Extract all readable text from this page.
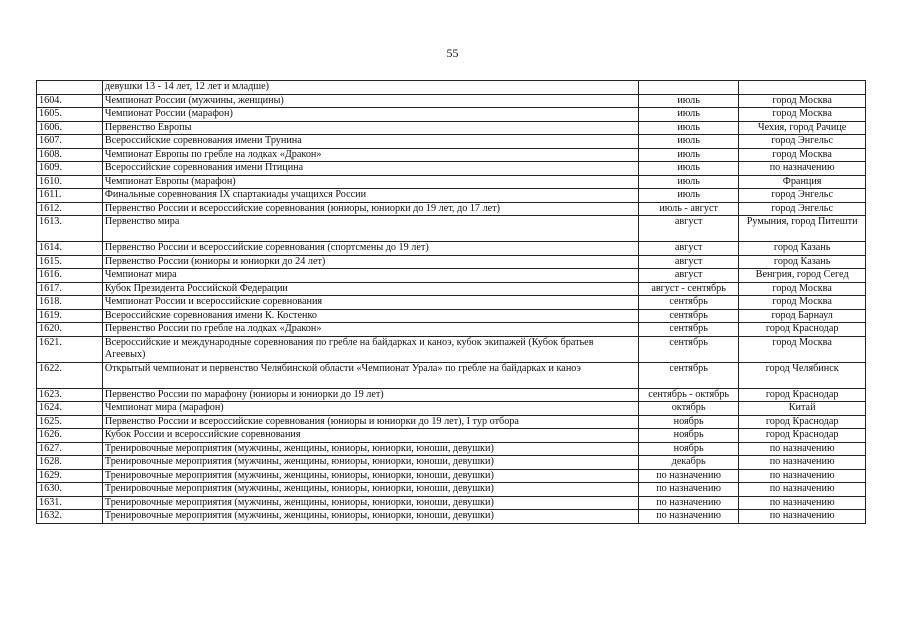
55
	девушки 13 - 14 лет, 12 лет и младше)		
1604.	Чемпионат России (мужчины, женщины)	июль	город Москва
1605.	Чемпионат России (марафон)	июль	город Москва
1606.	Первенство Европы	июль	Чехия, город Рачице
1607.	Всероссийские соревнования имени Трунина	июль	город Энгельс
1608.	Чемпионат Европы по гребле на лодках «Дракон»	июль	город Москва
1609.	Всероссийские соревнования имени Птицина	июль	по назначению
1610.	Чемпионат Европы (марафон)	июль	Франция
1611.	Финальные соревнования IX спартакиады учащихся России	июль	город Энгельс
1612.	Первенство России и всероссийские соревнования (юниоры, юниорки до 19 лет, до 17 лет)	июль - август	город Энгельс
1613.	Первенство мира	август	Румыния, город Питешти
1614.	Первенство России и всероссийские соревнования (спортсмены до 19 лет)	август	город Казань
1615.	Первенство России (юниоры и юниорки до 24 лет)	август	город Казань
1616.	Чемпионат мира	август	Венгрия, город Сегед
1617.	Кубок Президента Российской Федерации	август - сентябрь	город Москва
1618.	Чемпионат России и всероссийские соревнования	сентябрь	город Москва
1619.	Всероссийские соревнования имени К. Костенко	сентябрь	город Барнаул
1620.	Первенство России по гребле на лодках «Дракон»	сентябрь	город Краснодар
1621.	Всероссийские и международные соревнования по гребле на байдарках и каноэ, кубок экипажей (Кубок братьев Агеевых)	сентябрь	город Москва
1622.	Открытый чемпионат и первенство Челябинской области «Чемпионат Урала» по гребле на байдарках и каноэ	сентябрь	город Челябинск
1623.	Первенство России по марафону (юниоры и юниорки до 19 лет)	сентябрь - октябрь	город Краснодар
1624.	Чемпионат мира (марафон)	октябрь	Китай
1625.	Первенство России и всероссийские соревнования (юниоры и юниорки до 19 лет), I тур отбора	ноябрь	город Краснодар
1626.	Кубок России и всероссийские соревнования	ноябрь	город Краснодар
1627.	Тренировочные мероприятия (мужчины, женщины, юниоры, юниорки, юноши, девушки)	ноябрь	по назначению
1628.	Тренировочные мероприятия (мужчины, женщины, юниоры, юниорки, юноши, девушки)	декабрь	по назначению
1629.	Тренировочные мероприятия (мужчины, женщины, юниоры, юниорки, юноши, девушки)	по назначению	по назначению
1630.	Тренировочные мероприятия (мужчины, женщины, юниоры, юниорки, юноши, девушки)	по назначению	по назначению
1631.	Тренировочные мероприятия (мужчины, женщины, юниоры, юниорки, юноши, девушки)	по назначению	по назначению
1632.	Тренировочные мероприятия (мужчины, женщины, юниоры, юниорки, юноши, девушки)	по назначению	по назначению
